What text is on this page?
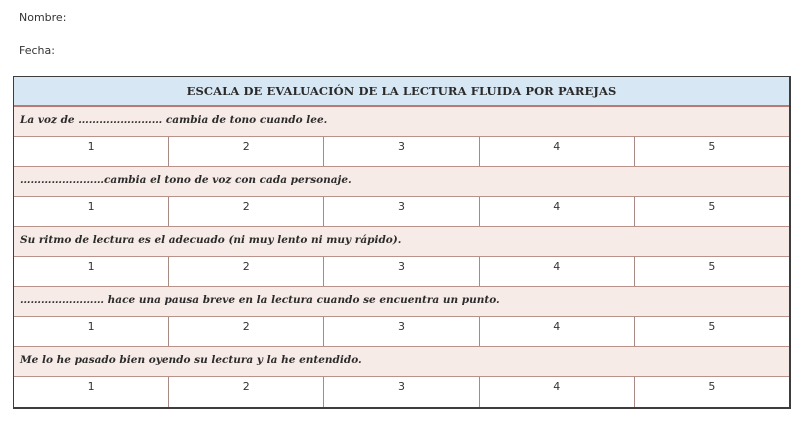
Nombre:
Fecha:
ESCALA DE EVALUACIÓN DE LA LECTURA FLUIDA POR PAREJAS
La voz de …………………… cambia de tono cuando lee.
1	2	3	4	5
……………………cambia el tono de voz con cada personaje.
1	2	3	4	5
Su ritmo de lectura es el adecuado (ni muy lento ni muy rápido).
1	2	3	4	5
…………………… hace una pausa breve en la lectura cuando se encuentra un punto.
1	2	3	4	5
Me lo he pasado bien oyendo su lectura y la he entendido.
1	2	3	4	5
